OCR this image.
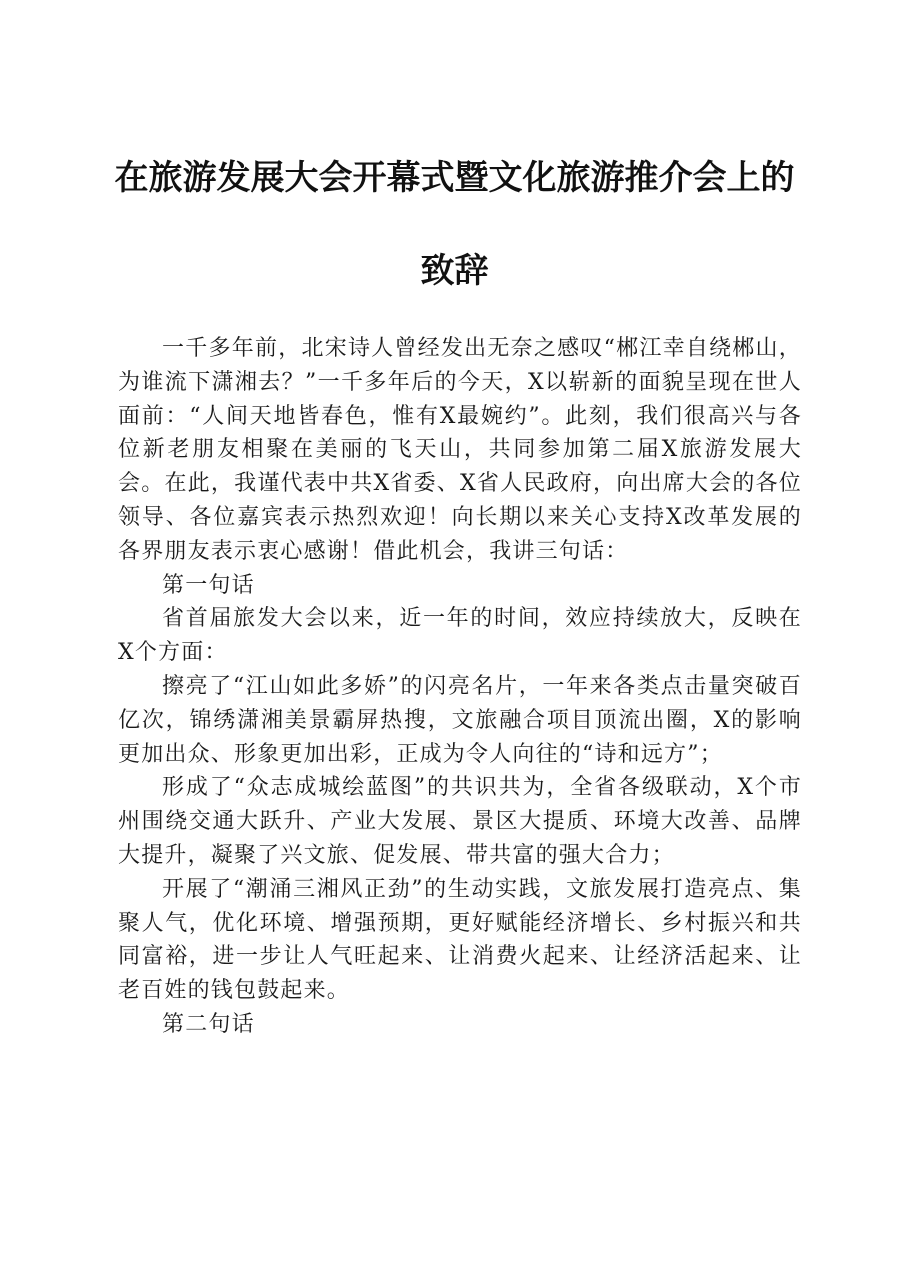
在旅游发展大会开幕式暨文化旅游推介会上的
致辞

一千多年前，北宋诗人曾经发出无奈之感叹“郴江幸自绕郴山，为谁流下潇湘去？”一千多年后的今天，X以崭新的面貌呈现在世人面前：“人间天地皆春色，惟有X最婉约”。此刻，我们很高兴与各位新老朋友相聚在美丽的飞天山，共同参加第二届X旅游发展大会。在此，我谨代表中共X省委、X省人民政府，向出席大会的各位领导、各位嘉宾表示热烈欢迎！向长期以来关心支持X改革发展的各界朋友表示衷心感谢！借此机会，我讲三句话：

第一句话

省首届旅发大会以来，近一年的时间，效应持续放大，反映在X个方面：

擦亮了“江山如此多娇”的闪亮名片，一年来各类点击量突破百亿次，锦绣潇湘美景霸屏热搜，文旅融合项目顶流出圈，X的影响更加出众、形象更加出彩，正成为令人向往的“诗和远方”；

形成了“众志成城绘蓝图”的共识共为，全省各级联动，X个市州围绕交通大跃升、产业大发展、景区大提质、环境大改善、品牌大提升，凝聚了兴文旅、促发展、带共富的强大合力；

开展了“潮涌三湘风正劲”的生动实践，文旅发展打造亮点、集聚人气，优化环境、增强预期，更好赋能经济增长、乡村振兴和共同富裕，进一步让人气旺起来、让消费火起来、让经济活起来、让老百姓的钱包鼓起来。

第二句话
